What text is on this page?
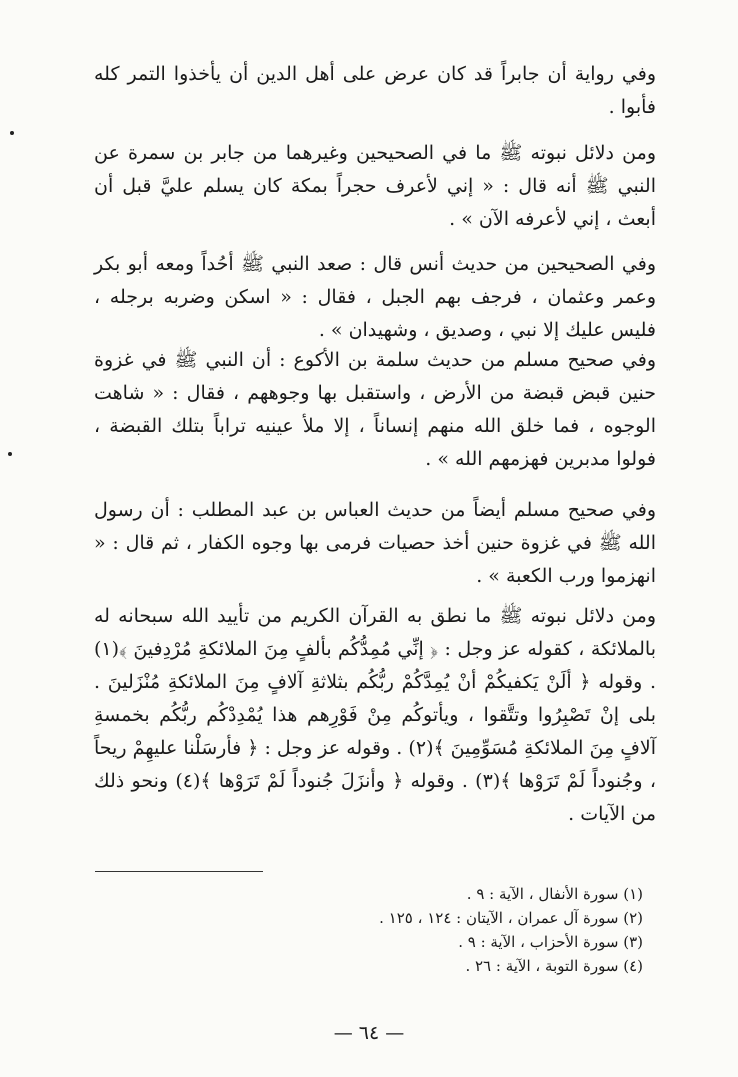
وفي رواية أن جابراً قد كان عرض على أهل الدين أن يأخذوا التمر كله فأبوا .

ومن دلائل نبوته ﷺ ما في الصحيحين وغيرهما من جابر بن سمرة عن النبي ﷺ أنه قال : « إني لأعرف حجراً بمكة كان يسلم عليَّ قبل أن أبعث ، إني لأعرفه الآن » .

وفي الصحيحين من حديث أنس قال : صعد النبي ﷺ أحُداً ومعه أبو بكر وعمر وعثمان ، فرجف بهم الجبل ، فقال : « اسكن وضربه برجله ، فليس عليك إلا نبي ، وصديق ، وشهيدان » .

وفي صحيح مسلم من حديث سلمة بن الأكوع : أن النبي ﷺ في غزوة حنين قبض قبضة من الأرض ، واستقبل بها وجوههم ، فقال : « شاهت الوجوه ، فما خلق الله منهم إنساناً ، إلا ملأ عينيه تراباً بتلك القبضة ، فولوا مدبرين فهزمهم الله » .

وفي صحيح مسلم أيضاً من حديث العباس بن عبد المطلب : أن رسول الله ﷺ في غزوة حنين أخذ حصيات فرمى بها وجوه الكفار ، ثم قال : « انهزموا ورب الكعبة » .

ومن دلائل نبوته ﷺ ما نطق به القرآن الكريم من تأييد الله سبحانه له بالملائكة ، كقوله عز وجل : ﴿ إنِّي مُمِدُّكُم بألفٍ مِنَ الملائكةِ مُرْدِفينَ ﴾(١) . وقوله ﴿ ألَنْ يَكفيكُمْ أنْ يُمِدَّكُمْ ربُّكُم بثلاثةِ آلافٍ مِنَ الملائكةِ مُنْزَلينَ . بلى إنْ تَصْبِرُوا وتتَّقوا ، ويأتوكُم مِنْ فَوْرِهم هذا يُمْدِدْكُم ربُّكُم بخمسةِ آلافٍ مِنَ الملائكةِ مُسَوِّمِينَ ﴾(٢) . وقوله عز وجل : ﴿ فأرسَلْنا عليهِمْ ريحاً ، وجُنوداً لَمْ تَرَوْها ﴾(٣) . وقوله ﴿ وأنزَلَ جُنوداً لَمْ تَرَوْها ﴾(٤) ونحو ذلك من الآيات .

(١) سورة الأنفال ، الآية : ٩ .

(٢) سورة آل عمران ، الآيتان : ١٢٤ ، ١٢٥ .

(٣) سورة الأحزاب ، الآية : ٩ .

(٤) سورة التوبة ، الآية : ٢٦ .

— ٦٤ —
